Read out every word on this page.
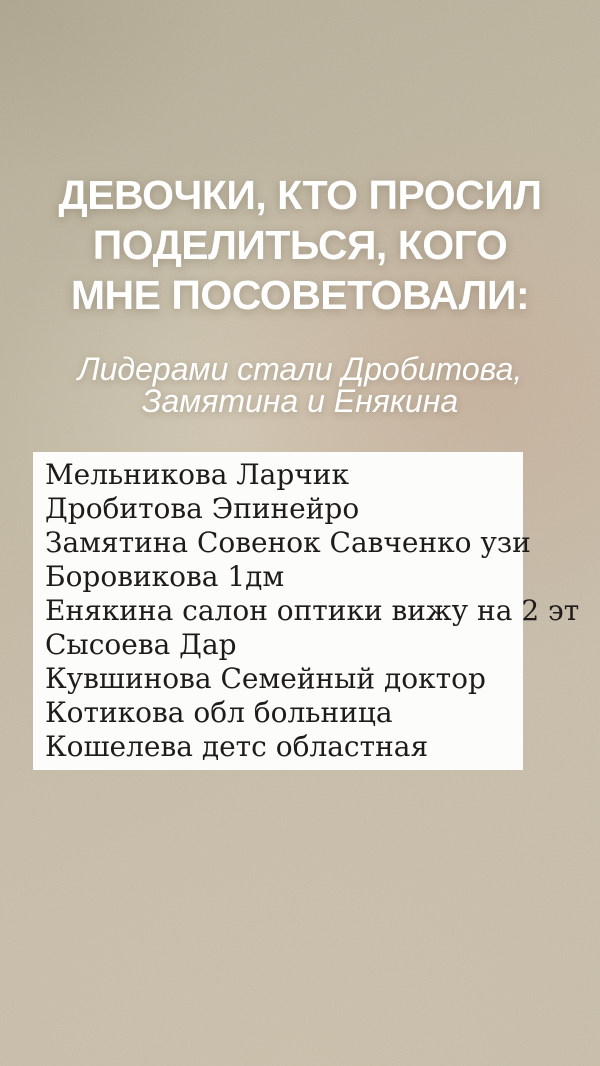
ДЕВОЧКИ, КТО ПРОСИЛ
ПОДЕЛИТЬСЯ, КОГО
МНЕ ПОСОВЕТОВАЛИ:
Лидерами стали Дробитова,
Замятина и Енякина
Мельникова Ларчик
Дробитова Эпинейро
Замятина Совенок Савченко узи
Боровикова 1дм
Енякина салон оптики вижу на 2 эт
Сысоева Дар
Кувшинова Семейный доктор
Котикова обл больница
Кошелева детс областная
